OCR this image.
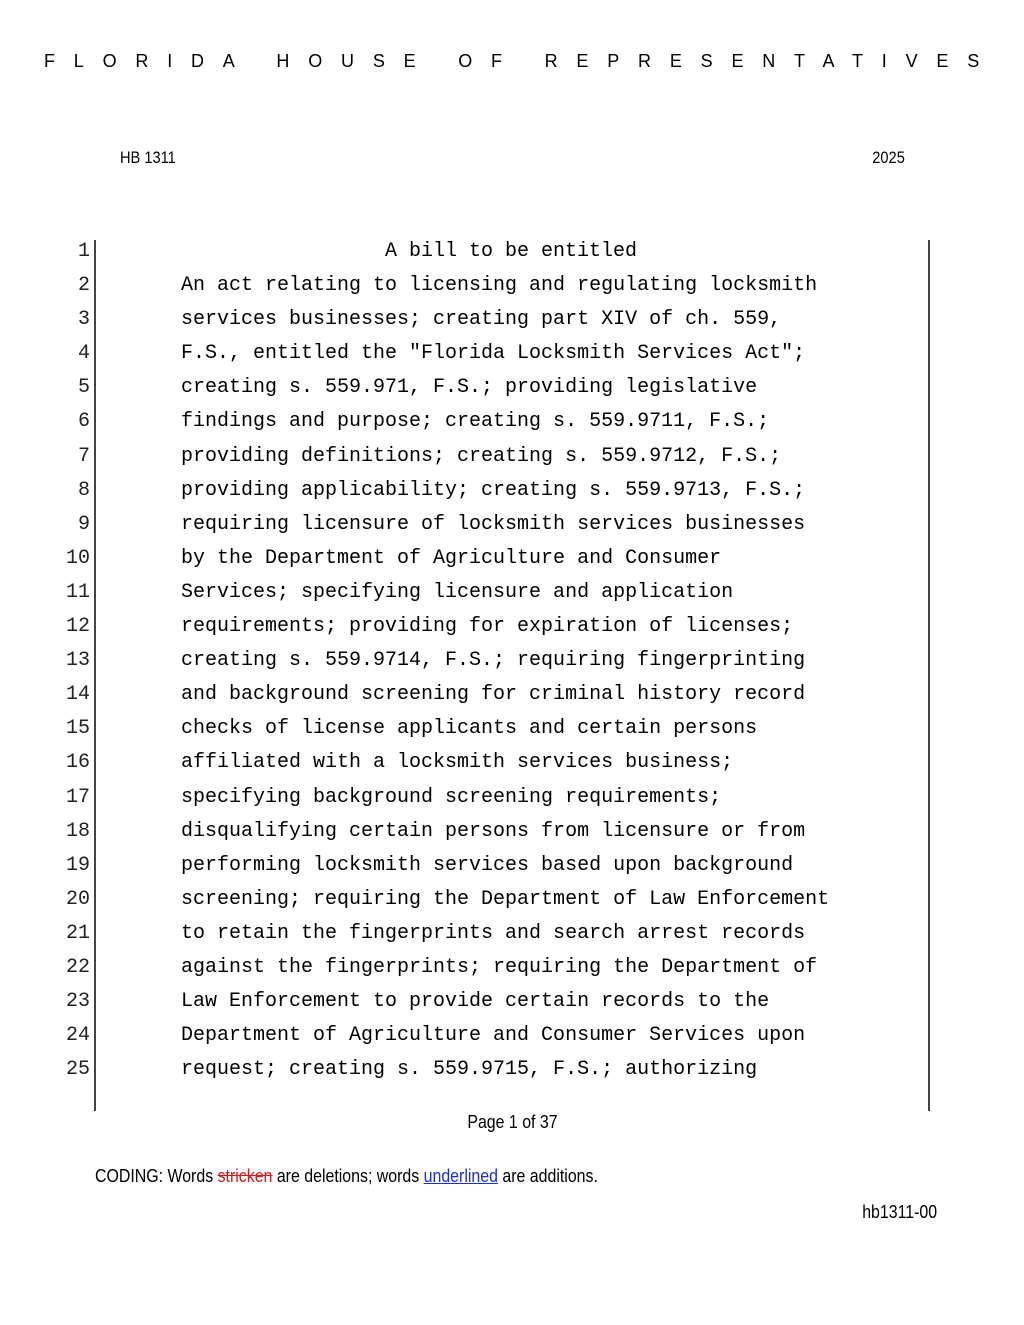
FLORIDA HOUSE OF REPRESENTATIVES
HB 1311	2025
1	A bill to be entitled
2	An act relating to licensing and regulating locksmith
3	services businesses; creating part XIV of ch. 559,
4	F.S., entitled the "Florida Locksmith Services Act";
5	creating s. 559.971, F.S.; providing legislative
6	findings and purpose; creating s. 559.9711, F.S.;
7	providing definitions; creating s. 559.9712, F.S.;
8	providing applicability; creating s. 559.9713, F.S.;
9	requiring licensure of locksmith services businesses
10	by the Department of Agriculture and Consumer
11	Services; specifying licensure and application
12	requirements; providing for expiration of licenses;
13	creating s. 559.9714, F.S.; requiring fingerprinting
14	and background screening for criminal history record
15	checks of license applicants and certain persons
16	affiliated with a locksmith services business;
17	specifying background screening requirements;
18	disqualifying certain persons from licensure or from
19	performing locksmith services based upon background
20	screening; requiring the Department of Law Enforcement
21	to retain the fingerprints and search arrest records
22	against the fingerprints; requiring the Department of
23	Law Enforcement to provide certain records to the
24	Department of Agriculture and Consumer Services upon
25	request; creating s. 559.9715, F.S.; authorizing
Page 1 of 37
CODING: Words stricken are deletions; words underlined are additions.
hb1311-00
